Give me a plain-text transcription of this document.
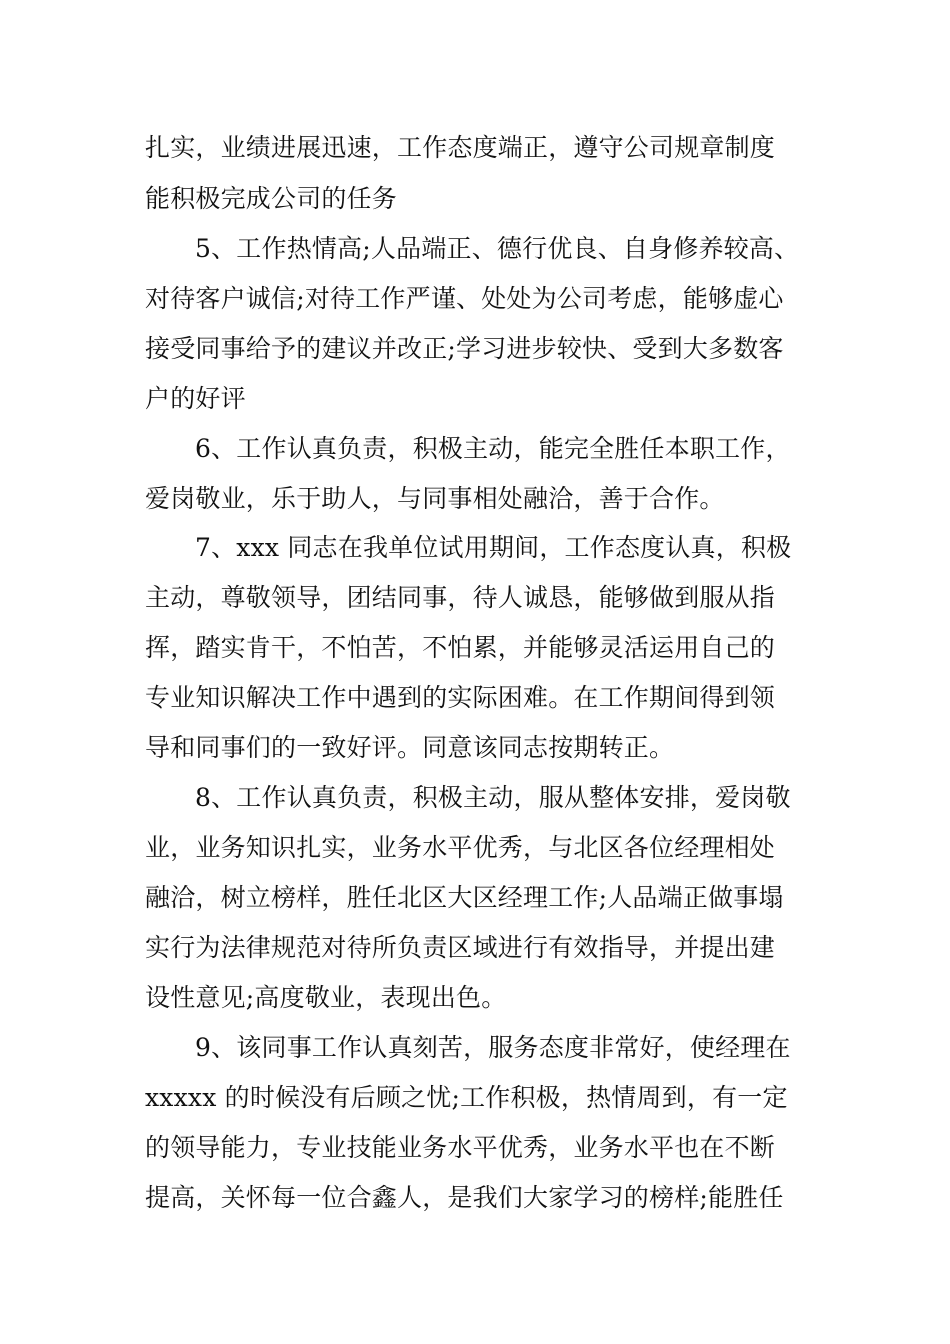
扎实，业绩进展迅速，工作态度端正，遵守公司规章制度
能积极完成公司的任务
5、工作热情高;人品端正、德行优良、自身修养较高、
对待客户诚信;对待工作严谨、处处为公司考虑，能够虚心
接受同事给予的建议并改正;学习进步较快、受到大多数客
户的好评
6、工作认真负责，积极主动，能完全胜任本职工作，
爱岗敬业，乐于助人，与同事相处融洽，善于合作。
7、xxx 同志在我单位试用期间，工作态度认真，积极
主动，尊敬领导，团结同事，待人诚恳，能够做到服从指
挥，踏实肯干，不怕苦，不怕累，并能够灵活运用自己的
专业知识解决工作中遇到的实际困难。在工作期间得到领
导和同事们的一致好评。同意该同志按期转正。
8、工作认真负责，积极主动，服从整体安排，爱岗敬
业，业务知识扎实，业务水平优秀，与北区各位经理相处
融洽，树立榜样，胜任北区大区经理工作;人品端正做事塌
实行为法律规范对待所负责区域进行有效指导，并提出建
设性意见;高度敬业，表现出色。
9、该同事工作认真刻苦，服务态度非常好，使经理在
xxxxx 的时候没有后顾之忧;工作积极，热情周到，有一定
的领导能力，专业技能业务水平优秀，业务水平也在不断
提高，关怀每一位合鑫人，是我们大家学习的榜样;能胜任
